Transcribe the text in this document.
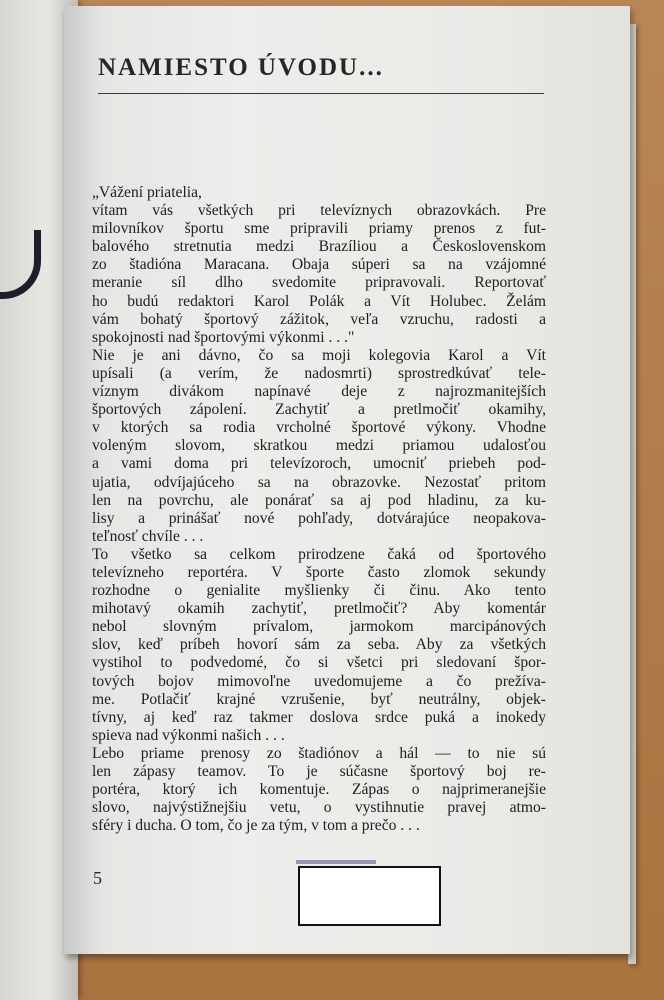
NAMIESTO ÚVODU...
„Vážení priatelia,
vítam vás všetkých pri televíznych obrazovkách. Pre
milovníkov športu sme pripravili priamy prenos z fut-
balového stretnutia medzi Brazíliou a Československom
zo štadióna Maracana. Obaja súperi sa na vzájomné
meranie síl dlho svedomite pripravovali. Reportovať
ho budú redaktori Karol Polák a Vít Holubec. Želám
vám bohatý športový zážitok, veľa vzruchu, radosti a
spokojnosti nad športovými výkonmi . . ."
Nie je ani dávno, čo sa moji kolegovia Karol a Vít
upísali (a verím, že nadosmrti) sprostredkúvať tele-
víznym divákom napínavé deje z najrozmanitejších
športových zápolení. Zachytiť a pretlmočiť okamihy,
v ktorých sa rodia vrcholné športové výkony. Vhodne
voleným slovom, skratkou medzi priamou udalosťou
a vami doma pri televízoroch, umocniť priebeh pod-
ujatia, odvíjajúceho sa na obrazovke. Nezostať pritom
len na povrchu, ale ponárať sa aj pod hladinu, za ku-
lisy a prinášať nové pohľady, dotvárajúce neopakova-
teľnosť chvíle . . .
To všetko sa celkom prirodzene čaká od športového
televízneho reportéra. V športe často zlomok sekundy
rozhodne o genialite myšlienky či činu. Ako tento
mihotavý okamih zachytiť, pretlmočiť? Aby komentár
nebol slovným prívalom, jarmokom marcipánových
slov, keď príbeh hovorí sám za seba. Aby za všetkých
vystihol to podvedomé, čo si všetci pri sledovaní špor-
tových bojov mimovoľne uvedomujeme a čo prežíva-
me. Potlačiť krajné vzrušenie, byť neutrálny, objek-
tívny, aj keď raz takmer doslova srdce puká a inokedy
spieva nad výkonmi našich . . .
Lebo priame prenosy zo štadiónov a hál — to nie sú
len zápasy teamov. To je súčasne športový boj re-
portéra, ktorý ich komentuje. Zápas o najprimeranejšie
slovo, najvýstižnejšiu vetu, o vystihnutie pravej atmo-
sféry i ducha. O tom, čo je za tým, v tom a prečo . . .
5
